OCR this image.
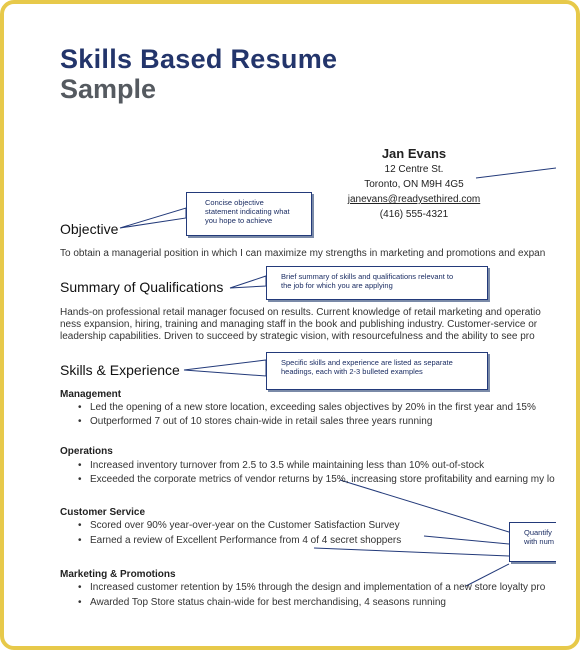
Skills Based Resume
Sample
Jan Evans
12 Centre St.
Toronto, ON M9H 4G5
janevans@readysethired.com
(416) 555-4321
Objective
Concise objective
statement indicating what
you hope to achieve
To obtain a managerial position in which I can maximize my strengths in marketing and promotions and expan
Summary of Qualifications
Brief summary of skills and qualifications relevant to
the job for which you are applying
Hands-on professional retail manager focused on results. Current knowledge of retail marketing and operatio
ness expansion, hiring, training and managing staff in the book and publishing industry. Customer-service or
leadership capabilities. Driven to succeed by strategic vision, with resourcefulness and the ability to see pro
Skills & Experience	Specific skills and experience are listed as separate
headings, each with 2-3 bulleted examples
Management
• Led the opening of a new store location, exceeding sales objectives by 20% in the first year and 15%
• Outperformed 7 out of 10 stores chain-wide in retail sales three years running
Operations
• Increased inventory turnover from 2.5 to 3.5 while maintaining less than 10% out-of-stock
• Exceeded the corporate metrics of vendor returns by 15%, increasing store profitability and earning my lo
Customer Service
• Scored over 90% year-over-year on the Customer Satisfaction Survey
• Earned a review of Excellent Performance from 4 of 4 secret shoppers
Marketing & Promotions
• Increased customer retention by 15% through the design and implementation of a new store loyalty pro
• Awarded Top Store status chain-wide for best merchandising, 4 seasons running
Quantify
with num
